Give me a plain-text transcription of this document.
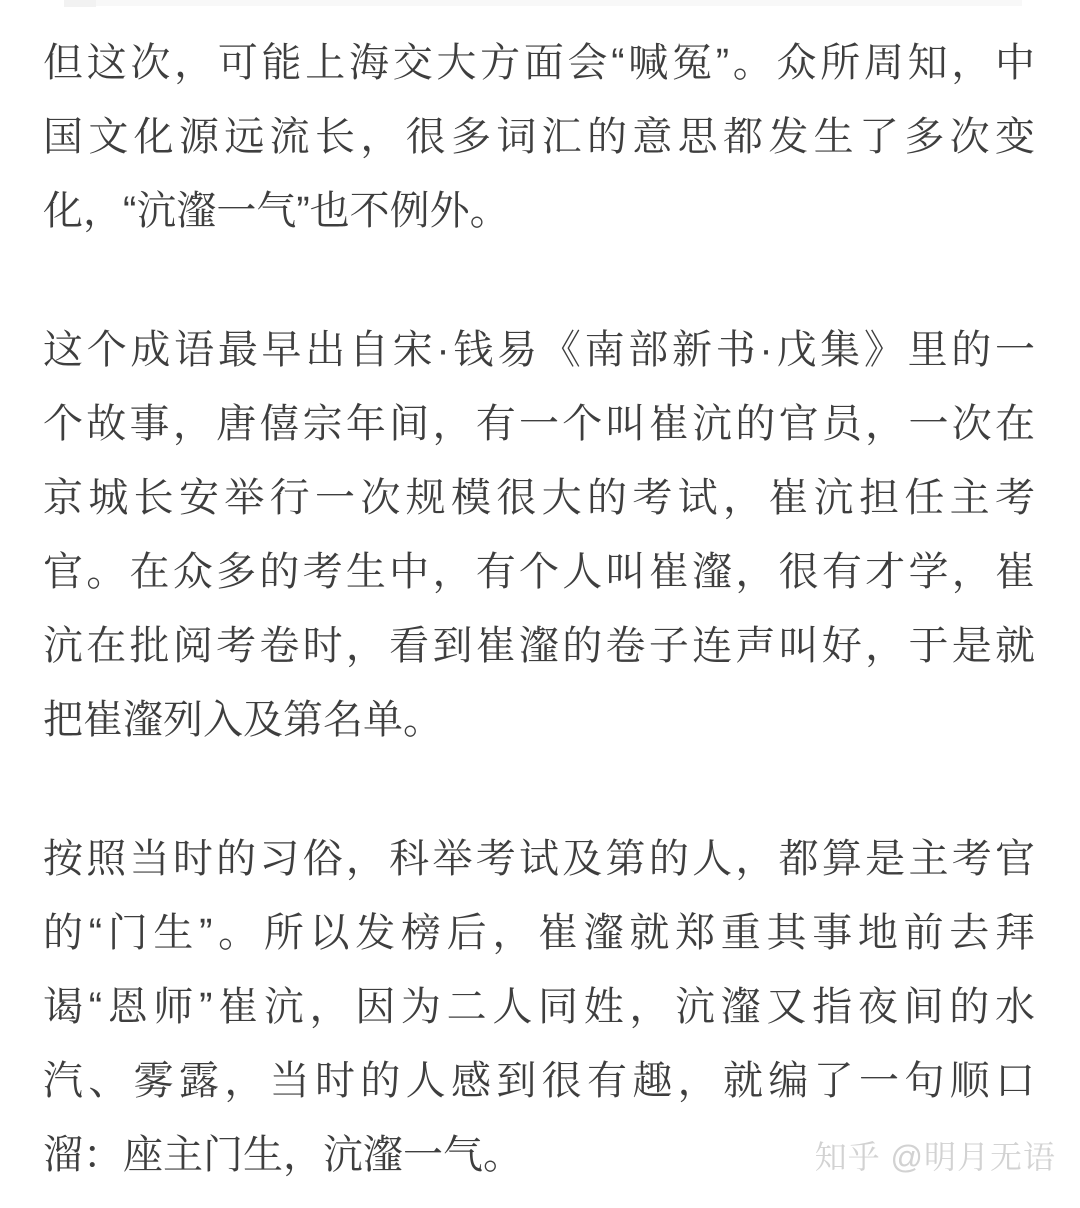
但这次，可能上海交大方面会“喊冤”。众所周知，中
国文化源远流长，很多词汇的意思都发生了多次变
化，“沆瀣一气”也不例外。

这个成语最早出自宋·钱易《南部新书·戊集》里的一
个故事，唐僖宗年间，有一个叫崔沆的官员，一次在
京城长安举行一次规模很大的考试，崔沆担任主考
官。在众多的考生中，有个人叫崔瀣，很有才学，崔
沆在批阅考卷时，看到崔瀣的卷子连声叫好，于是就
把崔瀣列入及第名单。

按照当时的习俗，科举考试及第的人，都算是主考官
的“门生”。所以发榜后，崔瀣就郑重其事地前去拜
谒“恩师”崔沆，因为二人同姓，沆瀣又指夜间的水
汽、雾露，当时的人感到很有趣，就编了一句顺口
溜：座主门生，沆瀣一气。	知乎 @明月无语
